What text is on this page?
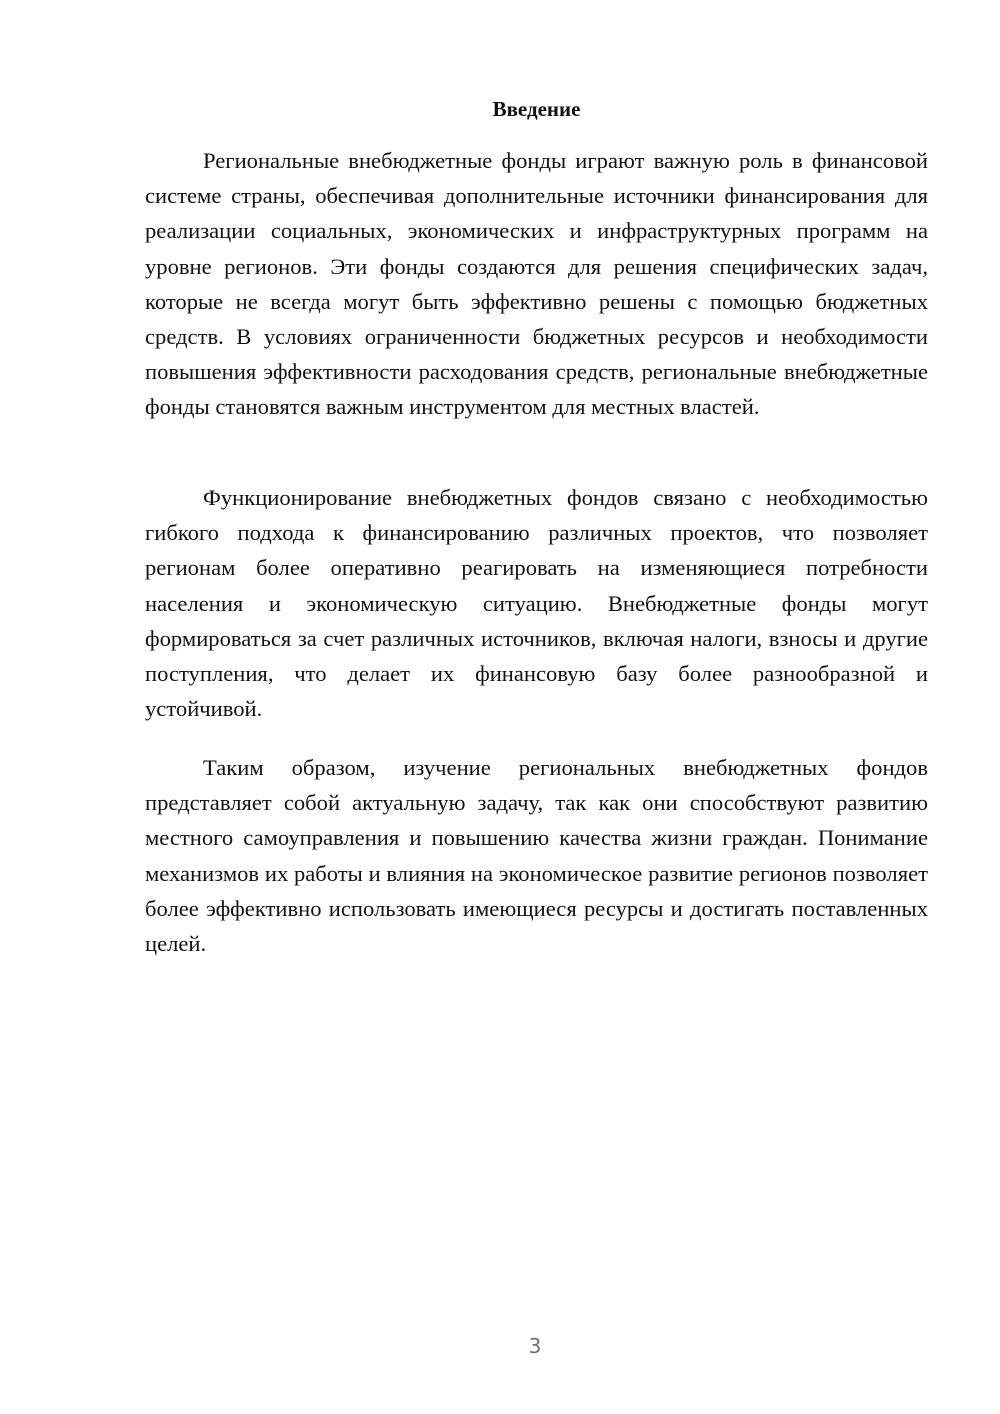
Введение

Региональные внебюджетные фонды играют важную роль в финансовой системе страны, обеспечивая дополнительные источники финансирования для реализации социальных, экономических и инфраструктурных программ на уровне регионов. Эти фонды создаются для решения специфических задач, которые не всегда могут быть эффективно решены с помощью бюджетных средств. В условиях ограниченности бюджетных ресурсов и необходимости повышения эффективности расходования средств, региональные внебюджетные фонды становятся важным инструментом для местных властей.

Функционирование внебюджетных фондов связано с необходимостью гибкого подхода к финансированию различных проектов, что позволяет регионам более оперативно реагировать на изменяющиеся потребности населения и экономическую ситуацию. Внебюджетные фонды могут формироваться за счет различных источников, включая налоги, взносы и другие поступления, что делает их финансовую базу более разнообразной и устойчивой.

Таким образом, изучение региональных внебюджетных фондов представляет собой актуальную задачу, так как они способствуют развитию местного самоуправления и повышению качества жизни граждан. Понимание механизмов их работы и влияния на экономическое развитие регионов позволяет более эффективно использовать имеющиеся ресурсы и достигать поставленных целей.

3
